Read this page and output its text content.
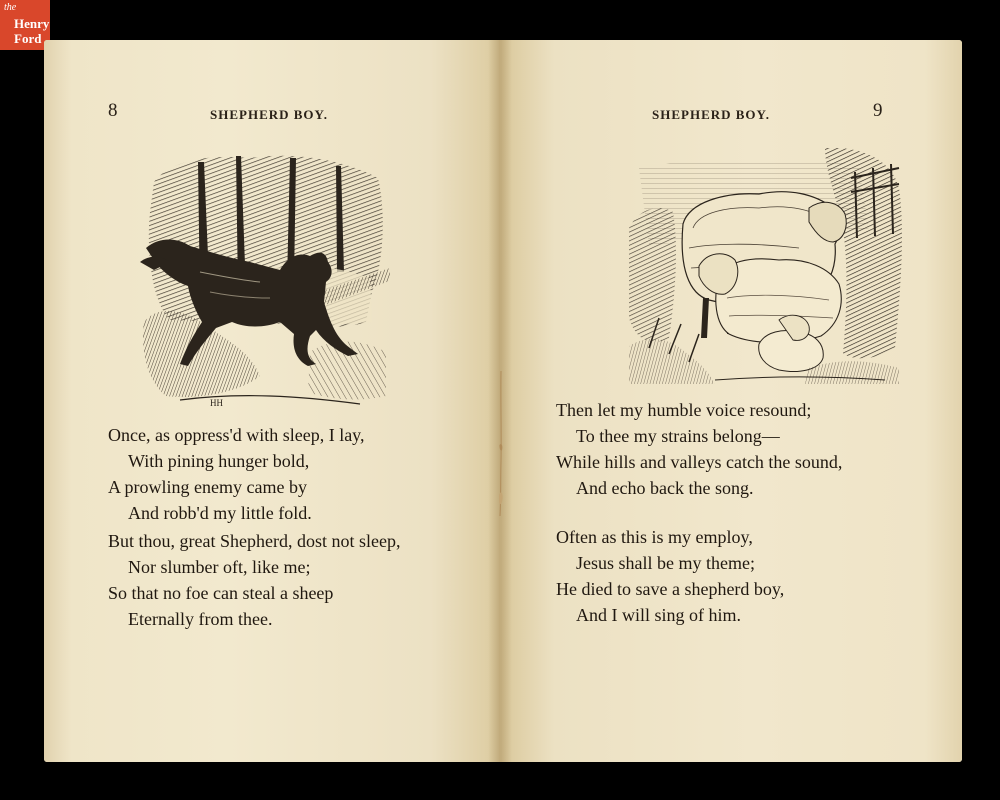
the
Henry
Ford
8	SHEPHERD BOY.
HH
Once, as oppress'd with sleep, I lay,
With pining hunger bold,
A prowling enemy came by
And robb'd my little fold.
But thou, great Shepherd, dost not sleep,
Nor slumber oft, like me;
So that no foe can steal a sheep
Eternally from thee.
SHEPHERD BOY.	9
Then let my humble voice resound;
To thee my strains belong—
While hills and valleys catch the sound,
And echo back the song.
Often as this is my employ,
Jesus shall be my theme;
He died to save a shepherd boy,
And I will sing of him.
